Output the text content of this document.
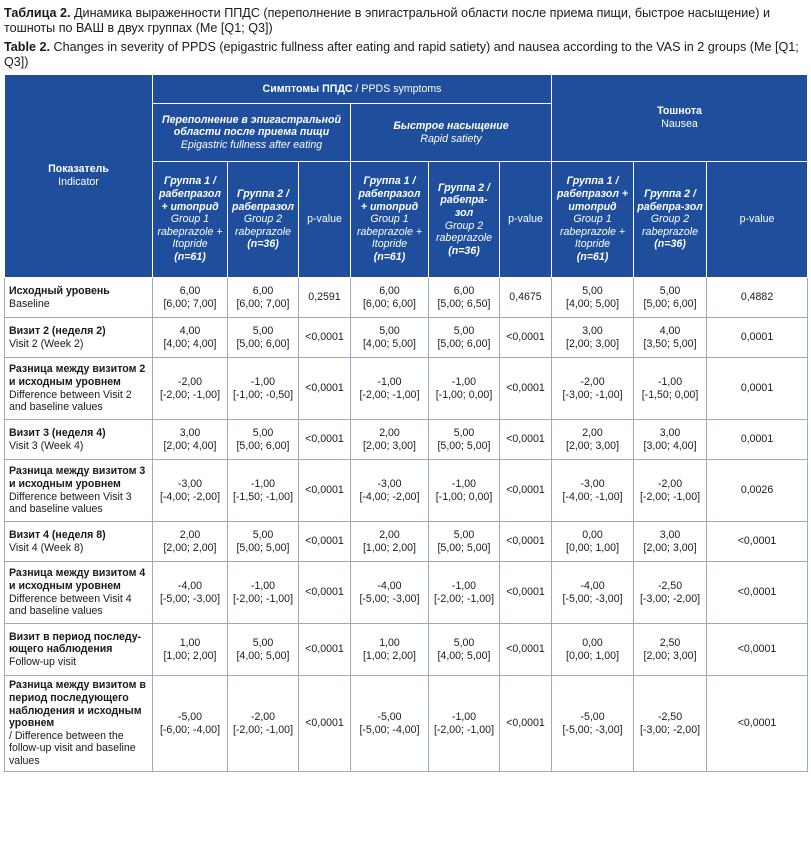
Таблица 2. Динамика выраженности ППДС (переполнение в эпигастральной области после приема пищи, быстрое насыщение) и тошноты по ВАШ в двух группах (Me [Q1; Q3])
Table 2. Changes in severity of PPDS (epigastric fullness after eating and rapid satiety) and nausea according to the VAS in 2 groups (Me [Q1; Q3])
Показатель
Indicator	Симптомы ППДС / PPDS symptoms						Тошнота
Nausea		

	Переполнение в эпигастральной области после приема пищи
Epigastric fullness after eating			Быстрое насыщение
Rapid satiety					

	Группа 1 / рабепразол + итоприд
Group 1 rabeprazole + Itopride
(n=61)	Группа 2 / рабепразол
Group 2 rabeprazole
(n=36)	p-value	Группа 1 / рабепразол + итоприд
Group 1 rabeprazole + Itopride
(n=61)	Группа 2 / рабепра-зол
Group 2 rabeprazole
(n=36)	p-value	Группа 1 / рабепразол + итоприд
Group 1 rabeprazole + Itopride
(n=61)	Группа 2 / рабепра-зол
Group 2 rabeprazole
(n=36)	p-value

Исходный уровень
Baseline	6,00
[6,00; 7,00]	6,00
[6,00; 7,00]	0,2591	6,00
[6,00; 6,00]	6,00
[5,00; 6,50]	0,4675	5,00
[4,00; 5,00]	5,00
[5,00; 6,00]	0,4882

Визит 2 (неделя 2)
Visit 2 (Week 2)	4,00
[4,00; 4,00]	5,00
[5,00; 6,00]	<0,0001	5,00
[4,00; 5,00]	5,00
[5,00; 6,00]	<0,0001	3,00
[2,00; 3,00]	4,00
[3,50; 5,00]	0,0001

Разница между визитом 2 и исходным уровнем
Difference between Visit 2 and baseline values	-2,00
[-2,00; -1,00]	-1,00
[-1,00; -0,50]	<0,0001	-1,00
[-2,00; -1,00]	-1,00
[-1,00; 0,00]	<0,0001	-2,00
[-3,00; -1,00]	-1,00
[-1,50; 0,00]	0,0001

Визит 3 (неделя 4)
Visit 3 (Week 4)	3,00
[2,00; 4,00]	5,00
[5,00; 6,00]	<0,0001	2,00
[2,00; 3,00]	5,00
[5,00; 5,00]	<0,0001	2,00
[2,00; 3,00]	3,00
[3,00; 4,00]	0,0001

Разница между визитом 3 и исходным уровнем
Difference between Visit 3 and baseline values	-3,00
[-4,00; -2,00]	-1,00
[-1,50; -1,00]	<0,0001	-3,00
[-4,00; -2,00]	-1,00
[-1,00; 0,00]	<0,0001	-3,00
[-4,00; -1,00]	-2,00
[-2,00; -1,00]	0,0026

Визит 4 (неделя 8)
Visit 4 (Week 8)	2,00
[2,00; 2,00]	5,00
[5,00; 5,00]	<0,0001	2,00
[1,00; 2,00]	5,00
[5,00; 5,00]	<0,0001	0,00
[0,00; 1,00]	3,00
[2,00; 3,00]	<0,0001

Разница между визитом 4 и исходным уровнем
Difference between Visit 4 and baseline values	-4,00
[-5,00; -3,00]	-1,00
[-2,00; -1,00]	<0,0001	-4,00
[-5,00; -3,00]	-1,00
[-2,00; -1,00]	<0,0001	-4,00
[-5,00; -3,00]	-2,50
[-3,00; -2,00]	<0,0001

Визит в период последу-ющего наблюдения
Follow-up visit	1,00
[1,00; 2,00]	5,00
[4,00; 5,00]	<0,0001	1,00
[1,00; 2,00]	5,00
[4,00; 5,00]	<0,0001	0,00
[0,00; 1,00]	2,50
[2,00; 3,00]	<0,0001

Разница между визитом в период последующего наблюдения и исходным уровнем
/ Difference between the follow-up visit and baseline values	-5,00
[-6,00; -4,00]	-2,00
[-2,00; -1,00]	<0,0001	-5,00
[-5,00; -4,00]	-1,00
[-2,00; -1,00]	<0,0001	-5,00
[-5,00; -3,00]	-2,50
[-3,00; -2,00]	<0,0001
